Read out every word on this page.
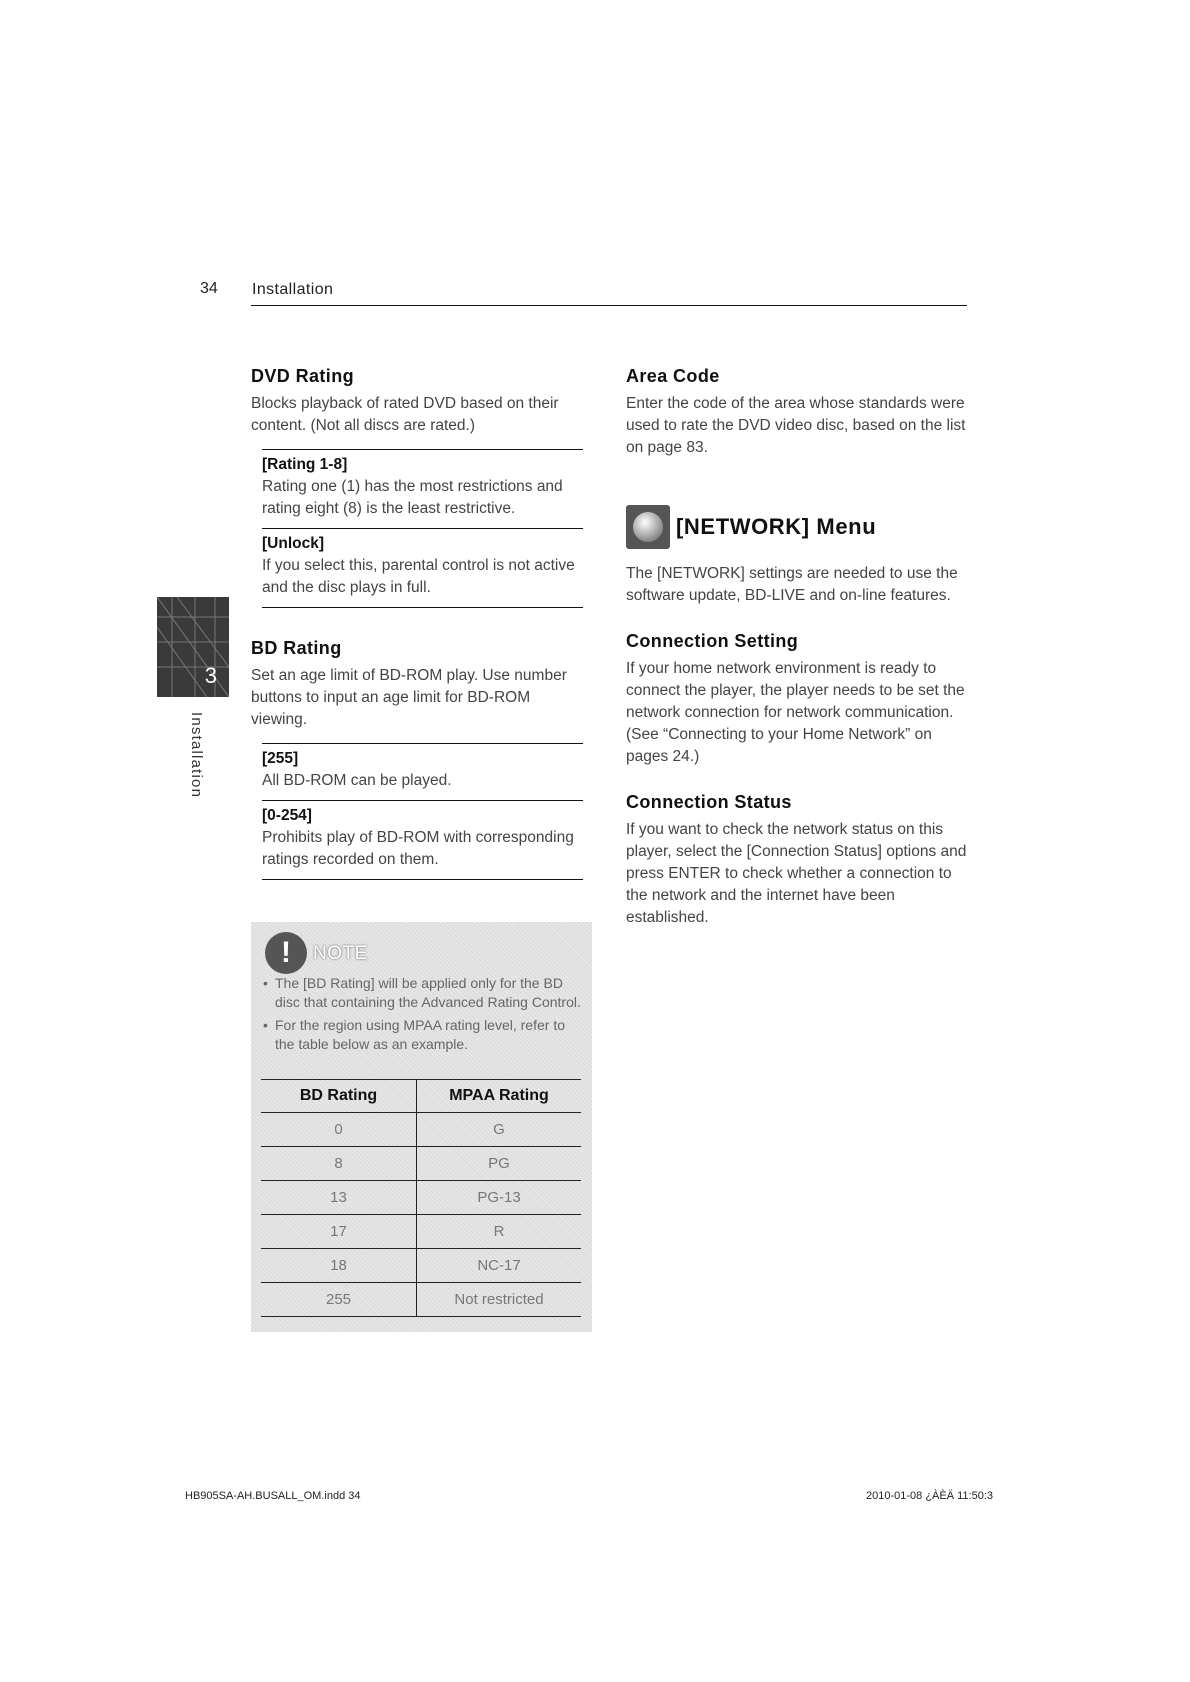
34 Installation
3
Installation
DVD Rating

Blocks playback of rated DVD based on their content. (Not all discs are rated.)

[Rating 1-8]

Rating one (1) has the most restrictions and rating eight (8) is the least restrictive.

[Unlock]

If you select this, parental control is not active and the disc plays in full.

BD Rating

Set an age limit of BD-ROM play. Use number buttons to input an age limit for BD-ROM viewing.

[255]

All BD-ROM can be played.

[0-254]

Prohibits play of BD-ROM with corresponding ratings recorded on them.

!	NOTE
• The [BD Rating] will be applied only for the BD disc that containing the Advanced Rating Control.
• For the region using MPAA rating level, refer to the table below as an example.
BD Rating	MPAA Rating
0	G
8	PG
13	PG-13
17	R
18	NC-17
255	Not restricted
Area Code

Enter the code of the area whose standards were used to rate the DVD video disc, based on the list on page 83.

[NETWORK] Menu

The [NETWORK] settings are needed to use the software update, BD-LIVE and on-line features.

Connection Setting

If your home network environment is ready to connect the player, the player needs to be set the network connection for network communication. (See “Connecting to your Home Network” on pages 24.)

Connection Status

If you want to check the network status on this player, select the [Connection Status] options and press ENTER to check whether a connection to the network and the internet have been established.

HB905SA-AH.BUSALL_OM.indd 34	2010-01-08 ¿ÀÈÄ 11:50:3
